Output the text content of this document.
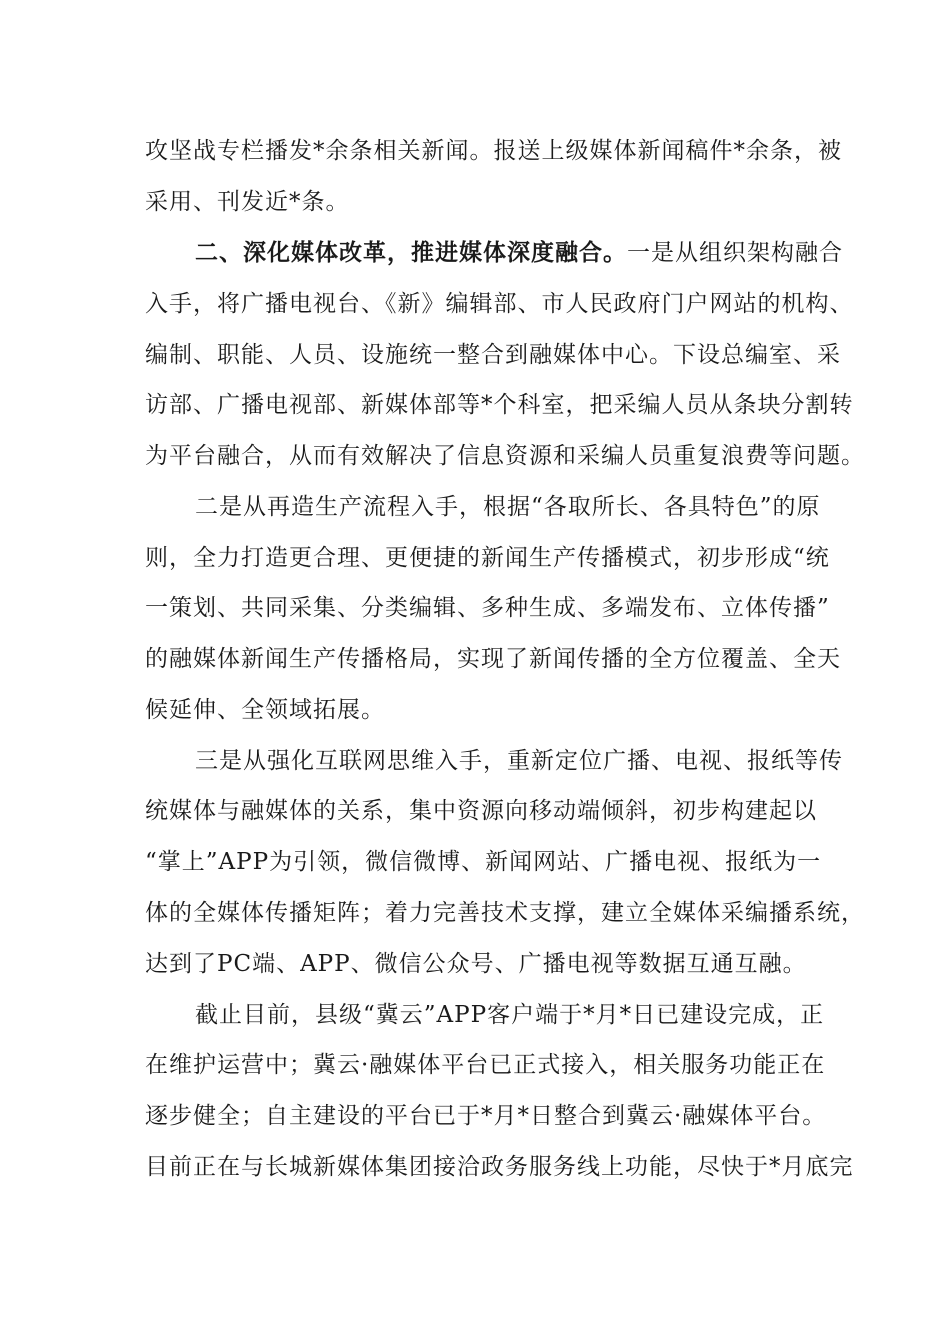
攻坚战专栏播发*余条相关新闻。报送上级媒体新闻稿件*余条，被
采用、刊发近*条。
二、深化媒体改革，推进媒体深度融合。一是从组织架构融合
入手，将广播电视台、《新》编辑部、市人民政府门户网站的机构、
编制、职能、人员、设施统一整合到融媒体中心。下设总编室、采
访部、广播电视部、新媒体部等*个科室，把采编人员从条块分割转
为平台融合，从而有效解决了信息资源和采编人员重复浪费等问题。
二是从再造生产流程入手，根据“各取所长、各具特色”的原
则，全力打造更合理、更便捷的新闻生产传播模式，初步形成“统
一策划、共同采集、分类编辑、多种生成、多端发布、立体传播”
的融媒体新闻生产传播格局，实现了新闻传播的全方位覆盖、全天
候延伸、全领域拓展。
三是从强化互联网思维入手，重新定位广播、电视、报纸等传
统媒体与融媒体的关系，集中资源向移动端倾斜，初步构建起以
“掌上”APP为引领，微信微博、新闻网站、广播电视、报纸为一
体的全媒体传播矩阵；着力完善技术支撑，建立全媒体采编播系统，
达到了PC端、APP、微信公众号、广播电视等数据互通互融。
截止目前，县级“冀云”APP客户端于*月*日已建设完成，正
在维护运营中；冀云·融媒体平台已正式接入，相关服务功能正在
逐步健全；自主建设的平台已于*月*日整合到冀云·融媒体平台。
目前正在与长城新媒体集团接洽政务服务线上功能，尽快于*月底完
